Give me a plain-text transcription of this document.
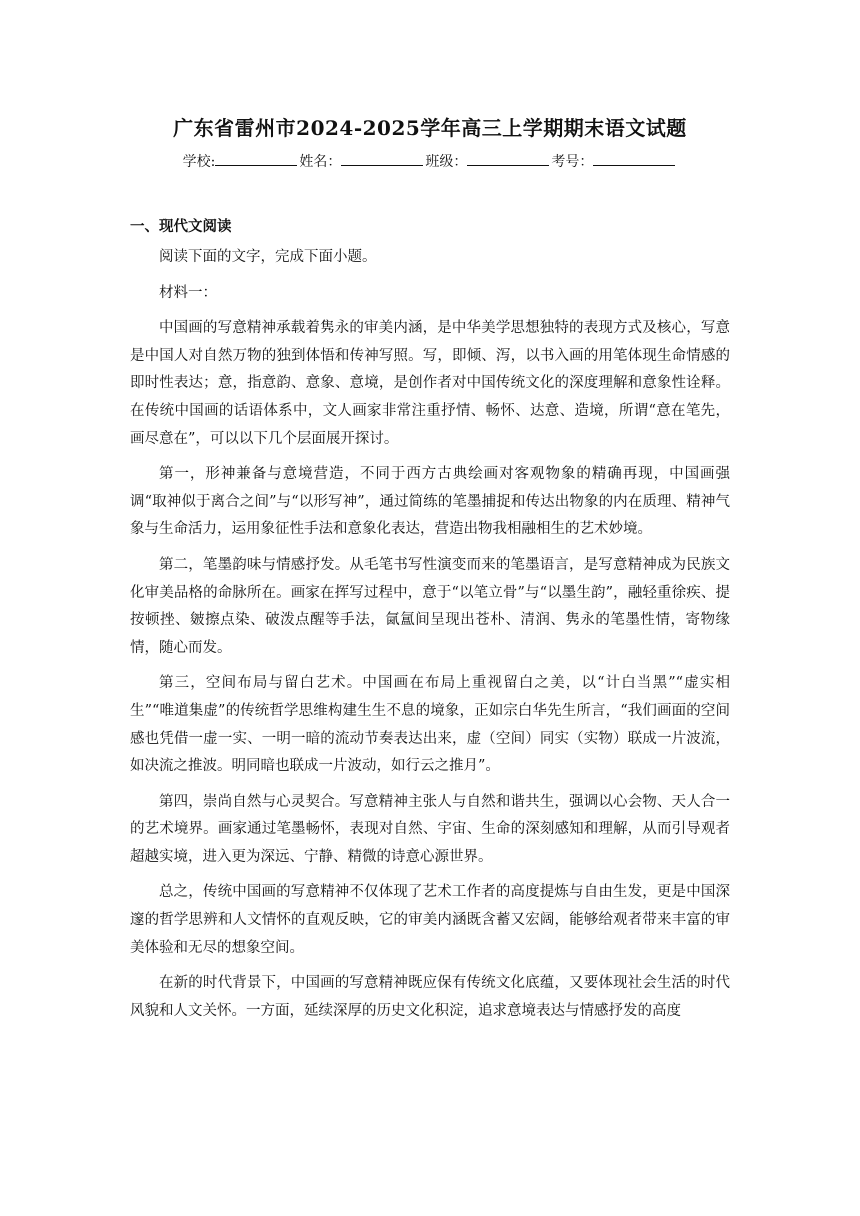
广东省雷州市2024-2025学年高三上学期期末语文试题
学校:	姓名：	班级：	考号：
一、现代文阅读

阅读下面的文字，完成下面小题。

材料一：

中国画的写意精神承载着隽永的审美内涵，是中华美学思想独特的表现方式及核心，写意是中国人对自然万物的独到体悟和传神写照。写，即倾、泻，以书入画的用笔体现生命情感的即时性表达；意，指意韵、意象、意境，是创作者对中国传统文化的深度理解和意象性诠释。在传统中国画的话语体系中，文人画家非常注重抒情、畅怀、达意、造境，所谓“意在笔先，画尽意在”，可以以下几个层面展开探讨。

第一，形神兼备与意境营造，不同于西方古典绘画对客观物象的精确再现，中国画强调“取神似于离合之间”与“以形写神”，通过简练的笔墨捕捉和传达出物象的内在质理、精神气象与生命活力，运用象征性手法和意象化表达，营造出物我相融相生的艺术妙境。

第二，笔墨韵味与情感抒发。从毛笔书写性演变而来的笔墨语言，是写意精神成为民族文化审美品格的命脉所在。画家在挥写过程中，意于“以笔立骨”与“以墨生韵”，融轻重徐疾、提按顿挫、皴擦点染、破泼点醒等手法，氤氲间呈现出苍朴、清润、隽永的笔墨性情，寄物缘情，随心而发。

第三，空间布局与留白艺术。中国画在布局上重视留白之美，以“计白当黑”“虚实相生”“唯道集虚”的传统哲学思维构建生生不息的境象，正如宗白华先生所言，“我们画面的空间感也凭借一虚一实、一明一暗的流动节奏表达出来，虚（空间）同实（实物）联成一片波流，如决流之推波。明同暗也联成一片波动，如行云之推月”。

第四，崇尚自然与心灵契合。写意精神主张人与自然和谐共生，强调以心会物、天人合一的艺术境界。画家通过笔墨畅怀，表现对自然、宇宙、生命的深刻感知和理解，从而引导观者超越实境，进入更为深远、宁静、精微的诗意心源世界。

总之，传统中国画的写意精神不仅体现了艺术工作者的高度提炼与自由生发，更是中国深邃的哲学思辨和人文情怀的直观反映，它的审美内涵既含蓄又宏阔，能够给观者带来丰富的审美体验和无尽的想象空间。

在新的时代背景下，中国画的写意精神既应保有传统文化底蕴，又要体现社会生活的时代风貌和人文关怀。一方面，延续深厚的历史文化积淀，追求意境表达与情感抒发的高度
